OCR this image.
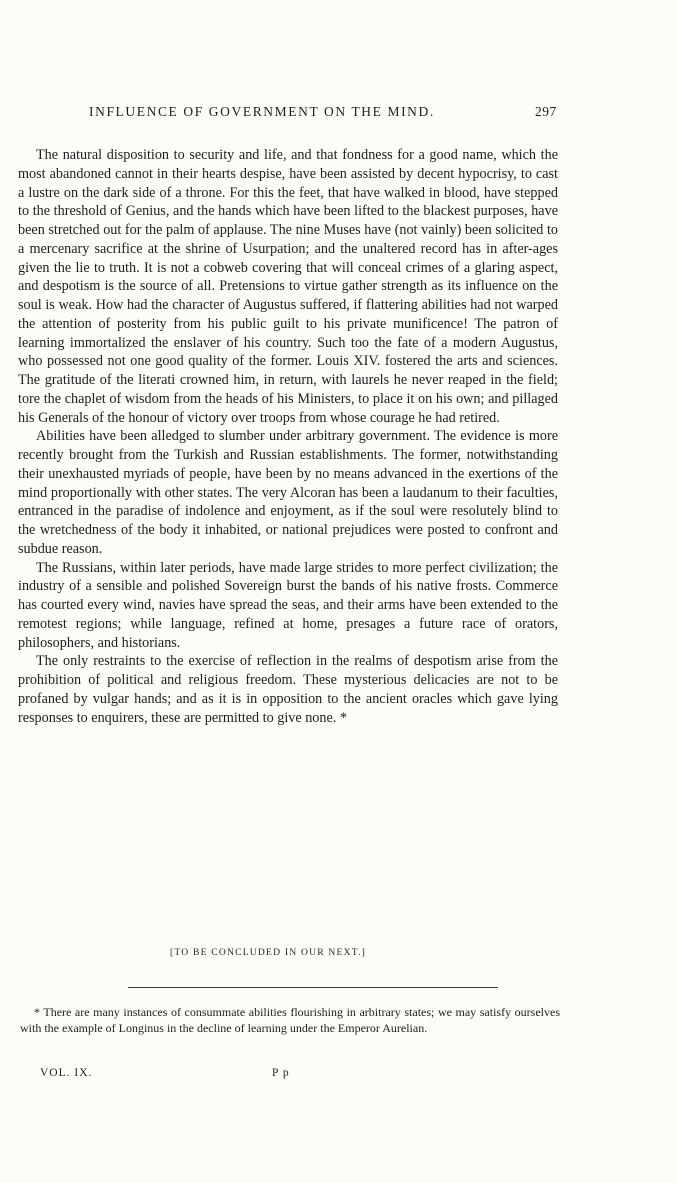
INFLUENCE OF GOVERNMENT ON THE MIND.	297

The natural disposition to security and life, and that fondness for a good name, which the most abandoned cannot in their hearts despise, have been assisted by decent hypocrisy, to cast a lustre on the dark side of a throne. For this the feet, that have walked in blood, have stepped to the threshold of Genius, and the hands which have been lifted to the blackest purposes, have been stretched out for the palm of applause. The nine Muses have (not vainly) been solicited to a mercenary sacrifice at the shrine of Usurpation; and the unaltered record has in after-ages given the lie to truth. It is not a cobweb covering that will conceal crimes of a glaring aspect, and despotism is the source of all. Pretensions to virtue gather strength as its influence on the soul is weak. How had the character of Augustus suffered, if flattering abilities had not warped the attention of posterity from his public guilt to his private munificence! The patron of learning immortalized the enslaver of his country. Such too the fate of a modern Augustus, who possessed not one good quality of the former. Louis XIV. fostered the arts and sciences. The gratitude of the literati crowned him, in return, with laurels he never reaped in the field; tore the chaplet of wisdom from the heads of his Ministers, to place it on his own; and pillaged his Generals of the honour of victory over troops from whose courage he had retired.

Abilities have been alledged to slumber under arbitrary government. The evidence is more recently brought from the Turkish and Russian establishments. The former, notwithstanding their unexhausted myriads of people, have been by no means advanced in the exertions of the mind proportionally with other states. The very Alcoran has been a laudanum to their faculties, entranced in the paradise of indolence and enjoyment, as if the soul were resolutely blind to the wretchedness of the body it inhabited, or national prejudices were posted to confront and subdue reason.

The Russians, within later periods, have made large strides to more perfect civilization; the industry of a sensible and polished Sovereign burst the bands of his native frosts. Commerce has courted every wind, navies have spread the seas, and their arms have been extended to the remotest regions; while language, refined at home, presages a future race of orators, philosophers, and historians.

The only restraints to the exercise of reflection in the realms of despotism arise from the prohibition of political and religious freedom. These mysterious delicacies are not to be profaned by vulgar hands; and as it is in opposition to the ancient oracles which gave lying responses to enquirers, these are permitted to give none. *

[TO BE CONCLUDED IN OUR NEXT.]
* There are many instances of consummate abilities flourishing in arbitrary states; we may satisfy ourselves with the example of Longinus in the decline of learning under the Emperor Aurelian.
VOL. IX.	P p
